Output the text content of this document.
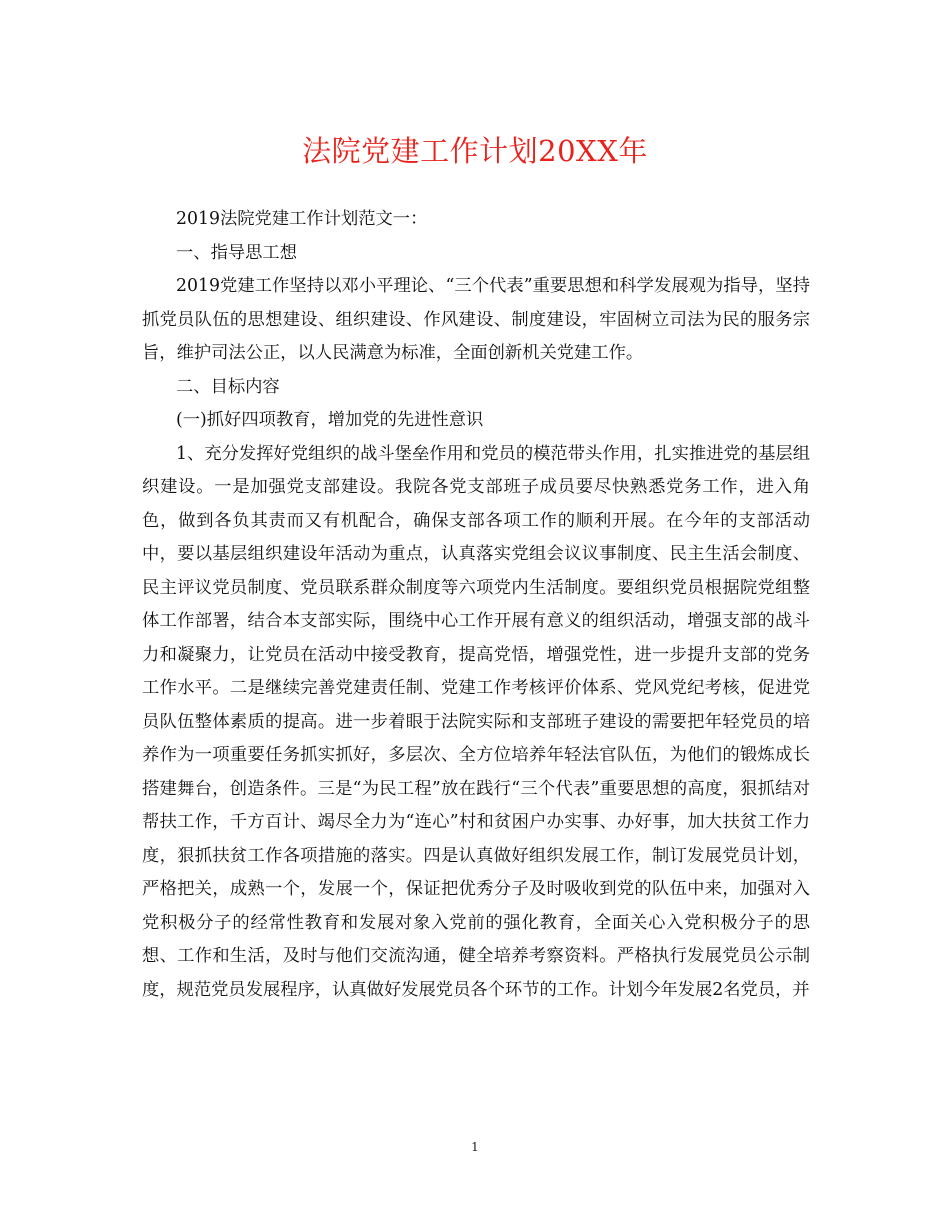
法院党建工作计划20XX年

2019法院党建工作计划范文一：

一、指导思工想

2019党建工作坚持以邓小平理论、“三个代表”重要思想和科学发展观为指导，坚持抓党员队伍的思想建设、组织建设、作风建设、制度建设，牢固树立司法为民的服务宗旨，维护司法公正，以人民满意为标准，全面创新机关党建工作。

二、目标内容

(一)抓好四项教育，增加党的先进性意识

1、充分发挥好党组织的战斗堡垒作用和党员的模范带头作用，扎实推进党的基层组织建设。一是加强党支部建设。我院各党支部班子成员要尽快熟悉党务工作，进入角色，做到各负其责而又有机配合，确保支部各项工作的顺利开展。在今年的支部活动中，要以基层组织建设年活动为重点，认真落实党组会议议事制度、民主生活会制度、民主评议党员制度、党员联系群众制度等六项党内生活制度。要组织党员根据院党组整体工作部署，结合本支部实际，围绕中心工作开展有意义的组织活动，增强支部的战斗力和凝聚力，让党员在活动中接受教育，提高党悟，增强党性，进一步提升支部的党务工作水平。二是继续完善党建责任制、党建工作考核评价体系、党风党纪考核，促进党员队伍整体素质的提高。进一步着眼于法院实际和支部班子建设的需要把年轻党员的培养作为一项重要任务抓实抓好，多层次、全方位培养年轻法官队伍，为他们的锻炼成长搭建舞台，创造条件。三是“为民工程”放在践行“三个代表”重要思想的高度，狠抓结对帮扶工作，千方百计、竭尽全力为“连心”村和贫困户办实事、办好事，加大扶贫工作力度，狠抓扶贫工作各项措施的落实。四是认真做好组织发展工作，制订发展党员计划，严格把关，成熟一个，发展一个，保证把优秀分子及时吸收到党的队伍中来，加强对入党积极分子的经常性教育和发展对象入党前的强化教育，全面关心入党积极分子的思想、工作和生活，及时与他们交流沟通，健全培养考察资料。严格执行发展党员公示制度，规范党员发展程序，认真做好发展党员各个环节的工作。计划今年发展2名党员，并

1
